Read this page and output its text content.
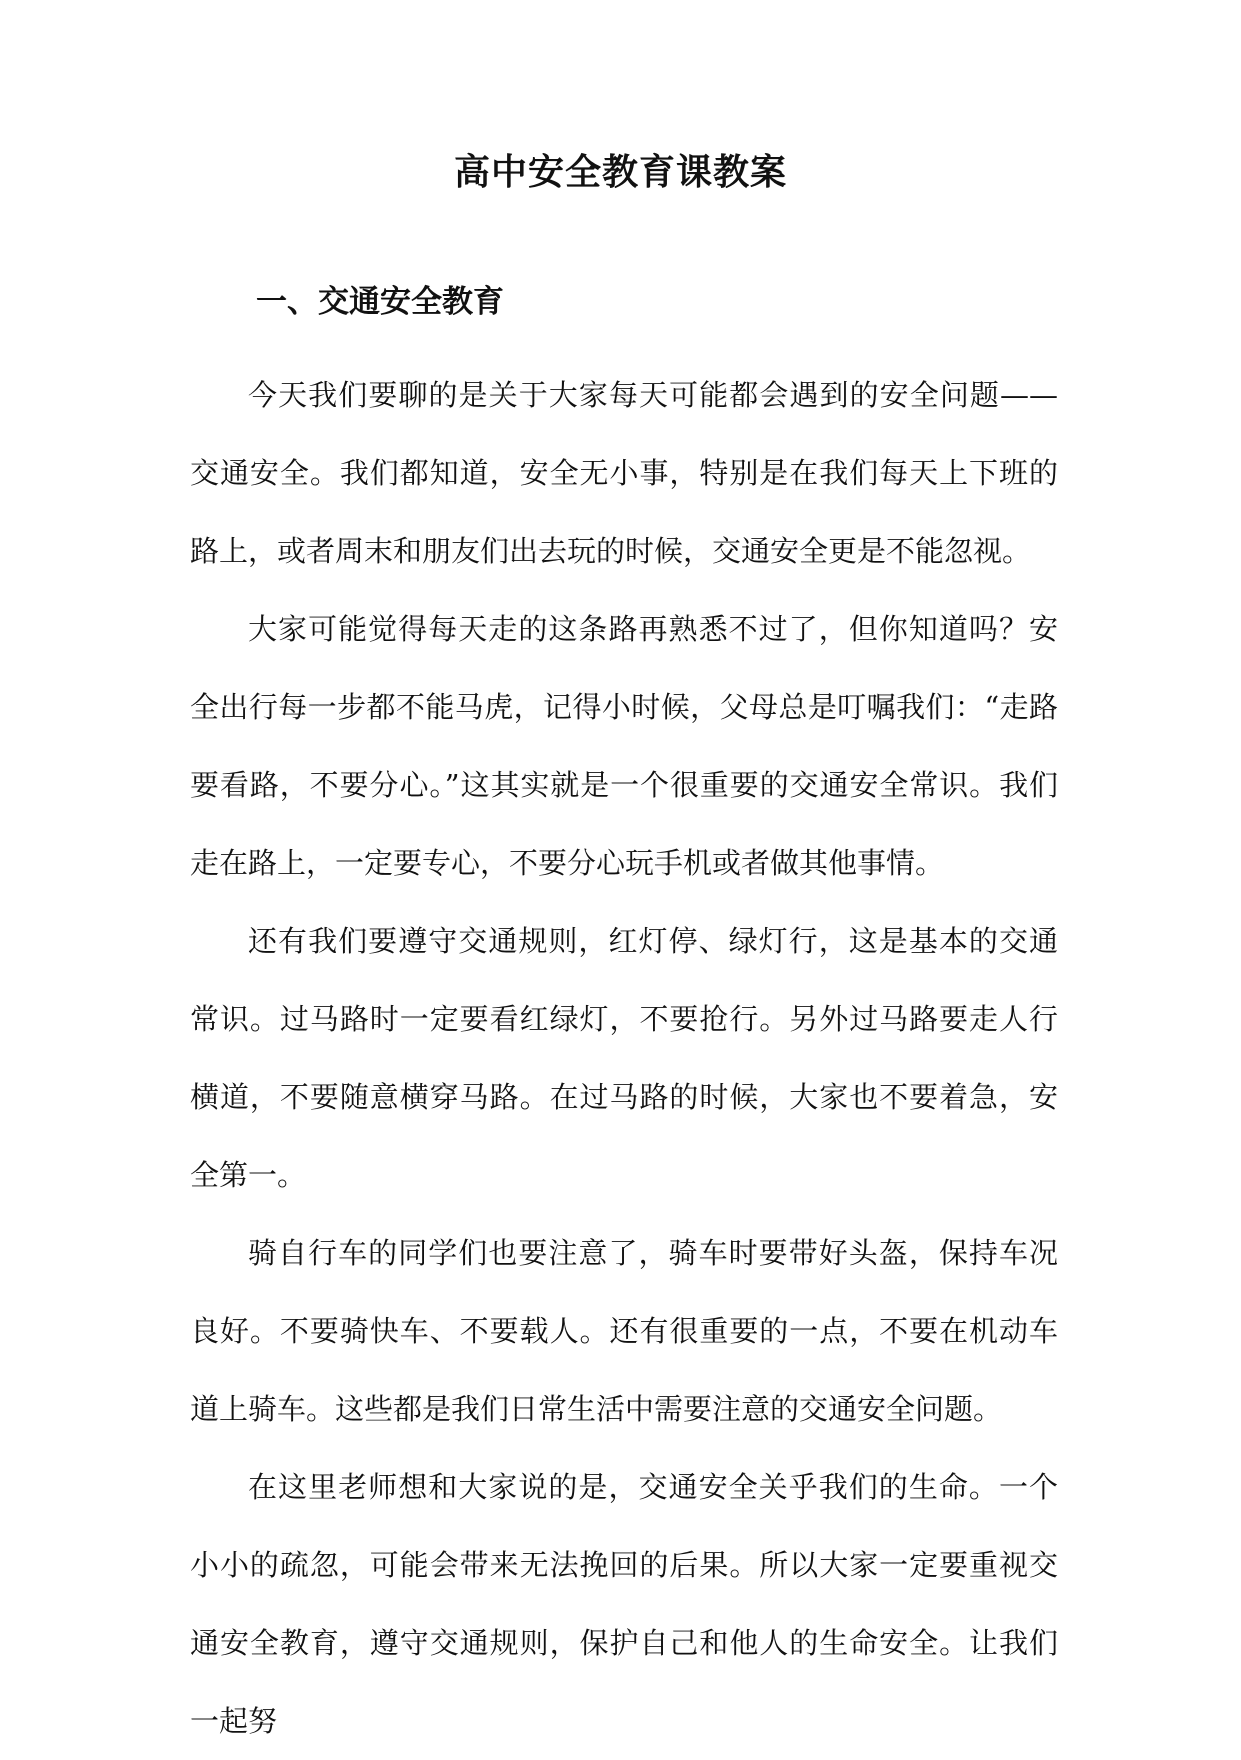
高中安全教育课教案
一、交通安全教育

今天我们要聊的是关于大家每天可能都会遇到的安全问题——交通安全。我们都知道，安全无小事，特别是在我们每天上下班的路上，或者周末和朋友们出去玩的时候，交通安全更是不能忽视。

大家可能觉得每天走的这条路再熟悉不过了，但你知道吗？安全出行每一步都不能马虎，记得小时候，父母总是叮嘱我们：“走路要看路，不要分心。”这其实就是一个很重要的交通安全常识。我们走在路上，一定要专心，不要分心玩手机或者做其他事情。

还有我们要遵守交通规则，红灯停、绿灯行，这是基本的交通常识。过马路时一定要看红绿灯，不要抢行。另外过马路要走人行横道，不要随意横穿马路。在过马路的时候，大家也不要着急，安全第一。

骑自行车的同学们也要注意了，骑车时要带好头盔，保持车况良好。不要骑快车、不要载人。还有很重要的一点，不要在机动车道上骑车。这些都是我们日常生活中需要注意的交通安全问题。

在这里老师想和大家说的是，交通安全关乎我们的生命。一个小小的疏忽，可能会带来无法挽回的后果。所以大家一定要重视交通安全教育，遵守交通规则，保护自己和他人的生命安全。让我们一起努
